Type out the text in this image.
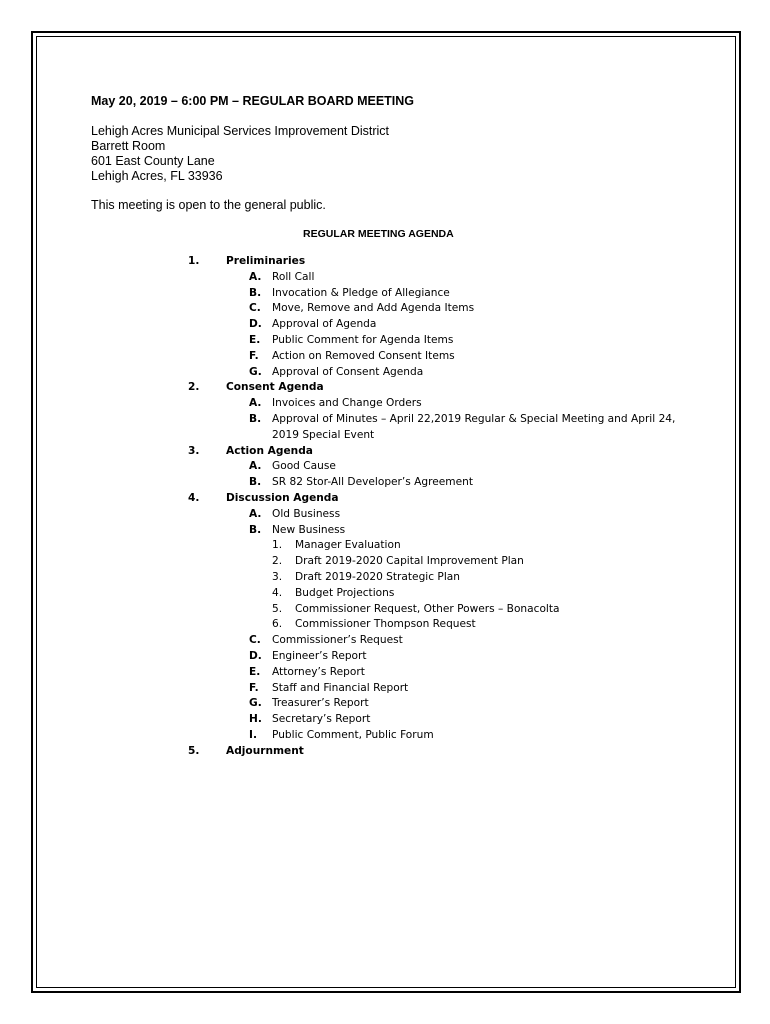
May 20, 2019 – 6:00 PM – REGULAR BOARD MEETING
Lehigh Acres Municipal Services Improvement District
Barrett Room
601 East County Lane
Lehigh Acres, FL 33936
This meeting is open to the general public.
REGULAR MEETING AGENDA
1.	Preliminaries
A. Roll Call
B. Invocation & Pledge of Allegiance
C. Move, Remove and Add Agenda Items
D. Approval of Agenda
E. Public Comment for Agenda Items
F. Action on Removed Consent Items
G. Approval of Consent Agenda
2.	Consent Agenda
A. Invoices and Change Orders
B. Approval of Minutes – April 22,2019 Regular & Special Meeting and April 24,
2019 Special Event
3.	Action Agenda
A. Good Cause
B. SR 82 Stor-All Developer’s Agreement
4.	Discussion Agenda
A. Old Business
B. New Business
1. Manager Evaluation
2. Draft 2019-2020 Capital Improvement Plan
3. Draft 2019-2020 Strategic Plan
4. Budget Projections
5. Commissioner Request, Other Powers – Bonacolta
6. Commissioner Thompson Request
C. Commissioner’s Request
D. Engineer’s Report
E. Attorney’s Report
F. Staff and Financial Report
G. Treasurer’s Report
H. Secretary’s Report
I. Public Comment, Public Forum
5.	Adjournment
